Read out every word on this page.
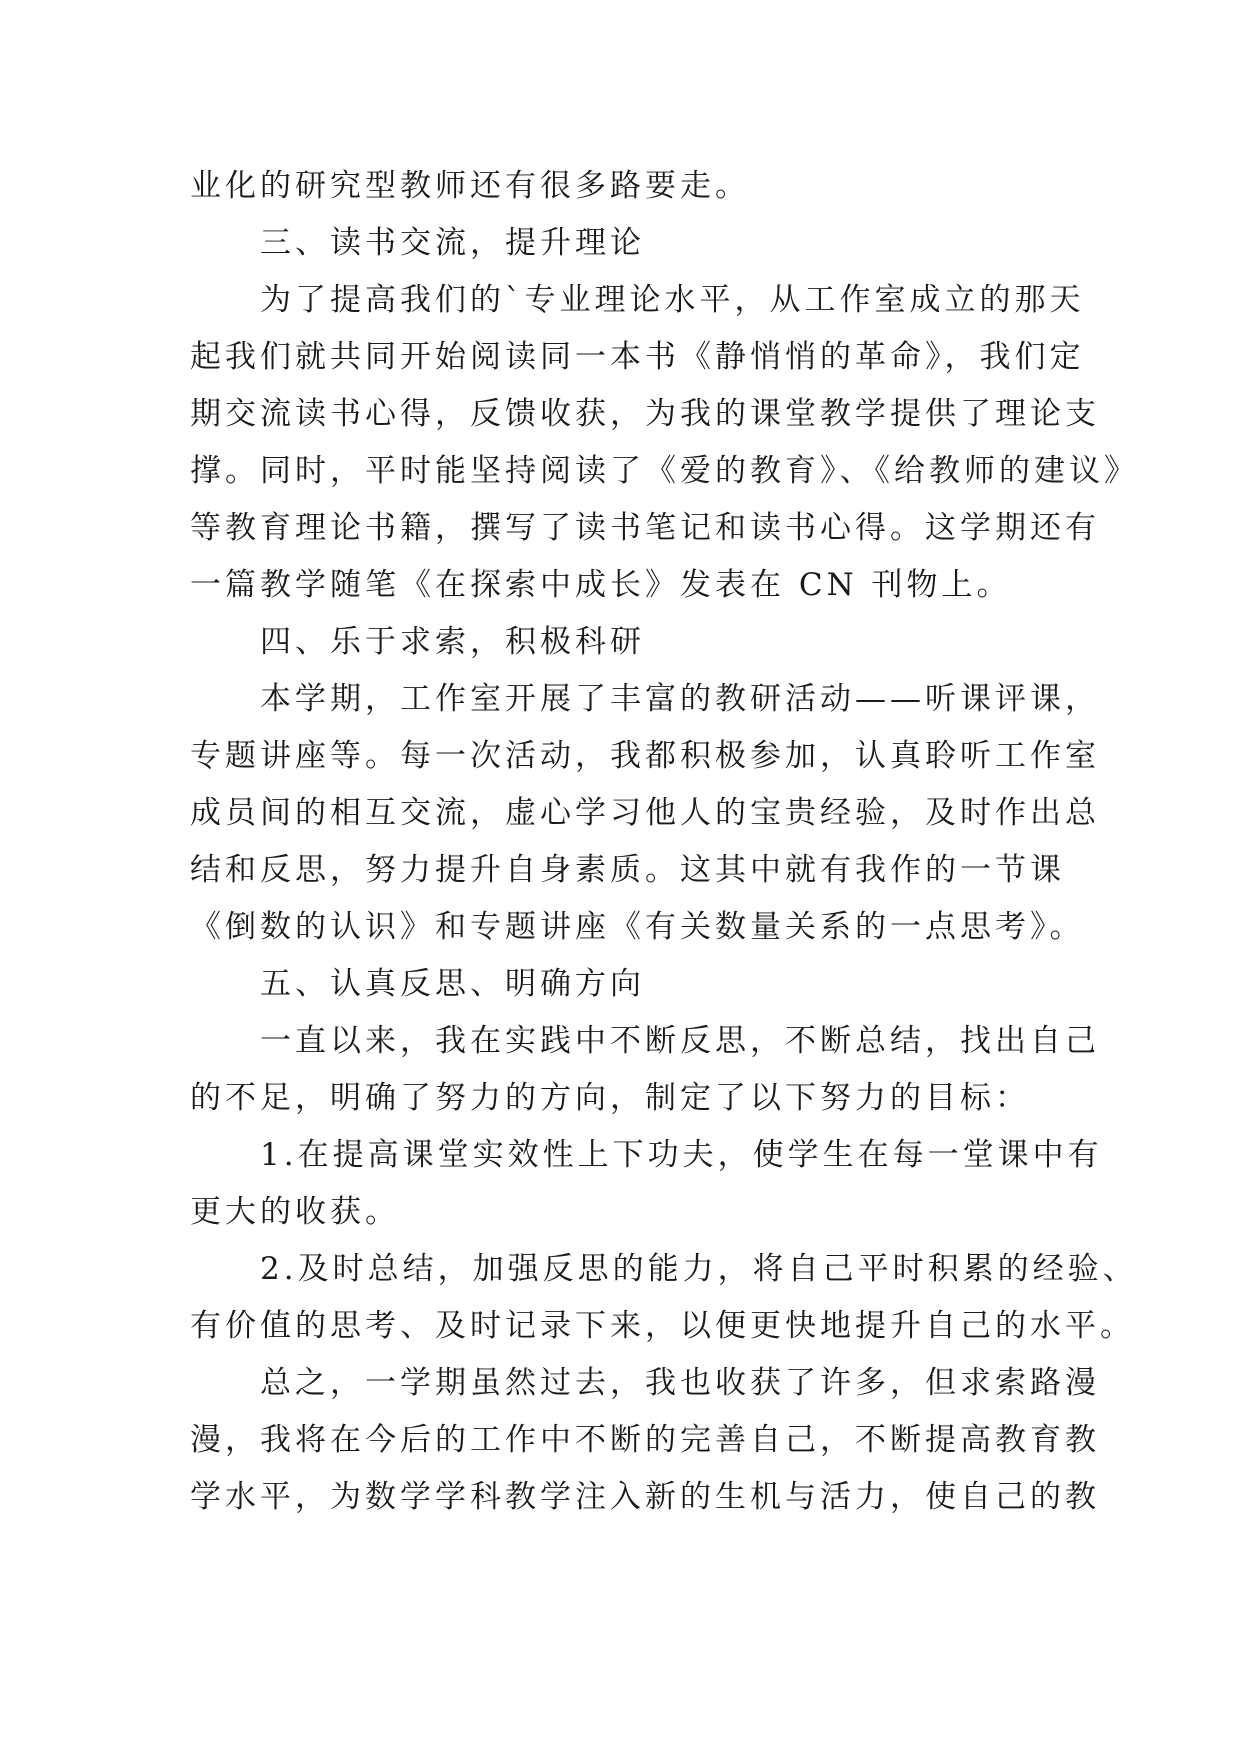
业化的研究型教师还有很多路要走。
三、读书交流，提升理论
为了提高我们的`专业理论水平，从工作室成立的那天
起我们就共同开始阅读同一本书《静悄悄的革命》，我们定
期交流读书心得，反馈收获，为我的课堂教学提供了理论支
撑。同时，平时能坚持阅读了《爱的教育》、《给教师的建议》
等教育理论书籍，撰写了读书笔记和读书心得。这学期还有
一篇教学随笔《在探索中成长》发表在 CN 刊物上。
四、乐于求索，积极科研
本学期，工作室开展了丰富的教研活动——听课评课，
专题讲座等。每一次活动，我都积极参加，认真聆听工作室
成员间的相互交流，虚心学习他人的宝贵经验，及时作出总
结和反思，努力提升自身素质。这其中就有我作的一节课
《倒数的认识》和专题讲座《有关数量关系的一点思考》。
五、认真反思、明确方向
一直以来，我在实践中不断反思，不断总结，找出自己
的不足，明确了努力的方向，制定了以下努力的目标：
1.在提高课堂实效性上下功夫，使学生在每一堂课中有
更大的收获。
2.及时总结，加强反思的能力，将自己平时积累的经验、
有价值的思考、及时记录下来，以便更快地提升自己的水平。
总之，一学期虽然过去，我也收获了许多，但求索路漫
漫，我将在今后的工作中不断的完善自己，不断提高教育教
学水平，为数学学科教学注入新的生机与活力，使自己的教
